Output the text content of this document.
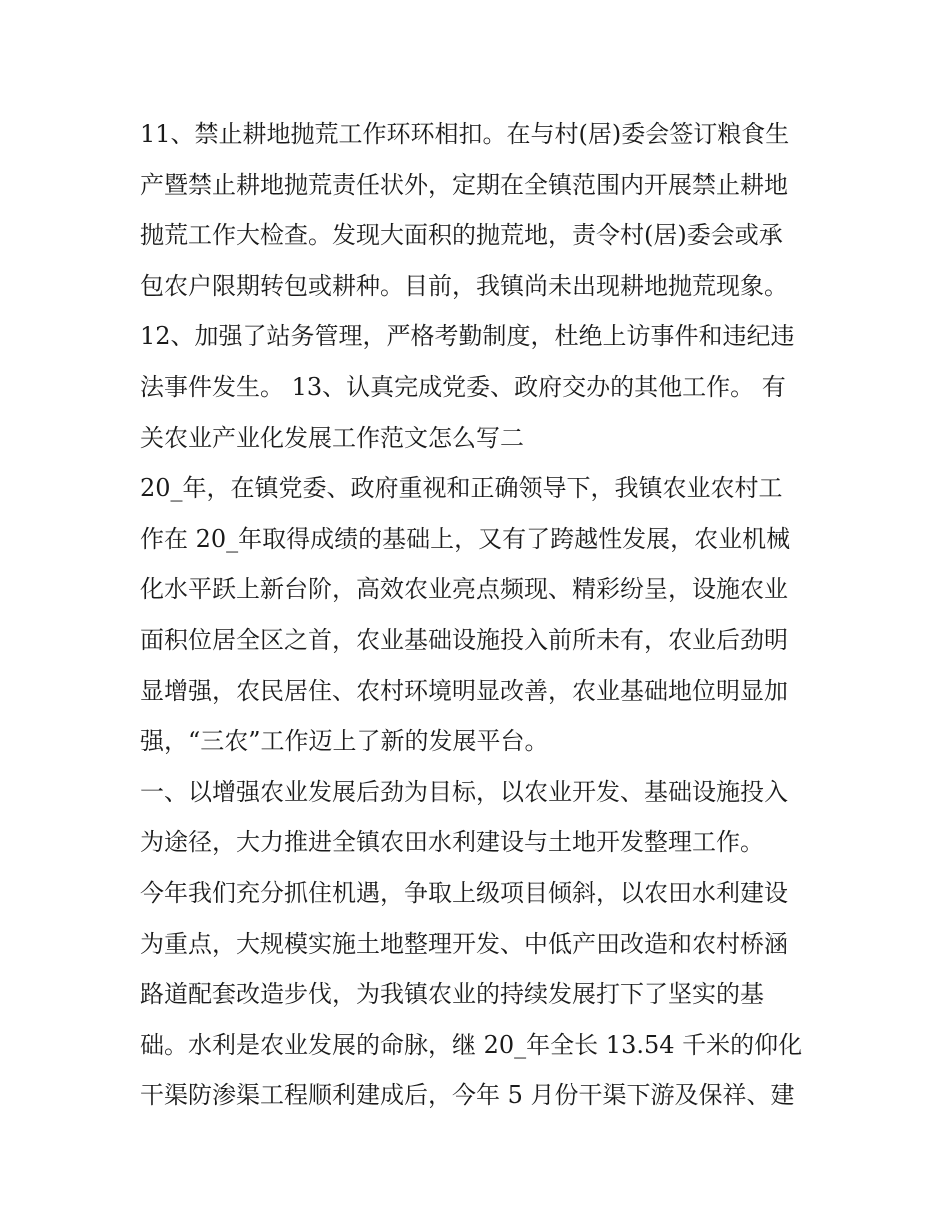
11、禁止耕地抛荒工作环环相扣。在与村(居)委会签订粮食生
产暨禁止耕地抛荒责任状外，定期在全镇范围内开展禁止耕地
抛荒工作大检查。发现大面积的抛荒地，责令村(居)委会或承
包农户限期转包或耕种。目前，我镇尚未出现耕地抛荒现象。
12、加强了站务管理，严格考勤制度，杜绝上访事件和违纪违
法事件发生。 13、认真完成党委、政府交办的其他工作。 有
关农业产业化发展工作范文怎么写二
20_年，在镇党委、政府重视和正确领导下，我镇农业农村工
作在 20_年取得成绩的基础上，又有了跨越性发展，农业机械
化水平跃上新台阶，高效农业亮点频现、精彩纷呈，设施农业
面积位居全区之首，农业基础设施投入前所未有，农业后劲明
显增强，农民居住、农村环境明显改善，农业基础地位明显加
强，“三农”工作迈上了新的发展平台。
一、以增强农业发展后劲为目标，以农业开发、基础设施投入
为途径，大力推进全镇农田水利建设与土地开发整理工作。
今年我们充分抓住机遇，争取上级项目倾斜，以农田水利建设
为重点，大规模实施土地整理开发、中低产田改造和农村桥涵
路道配套改造步伐，为我镇农业的持续发展打下了坚实的基
础。水利是农业发展的命脉，继 20_年全长 13.54 千米的仰化
干渠防渗渠工程顺利建成后，今年 5 月份干渠下游及保祥、建
